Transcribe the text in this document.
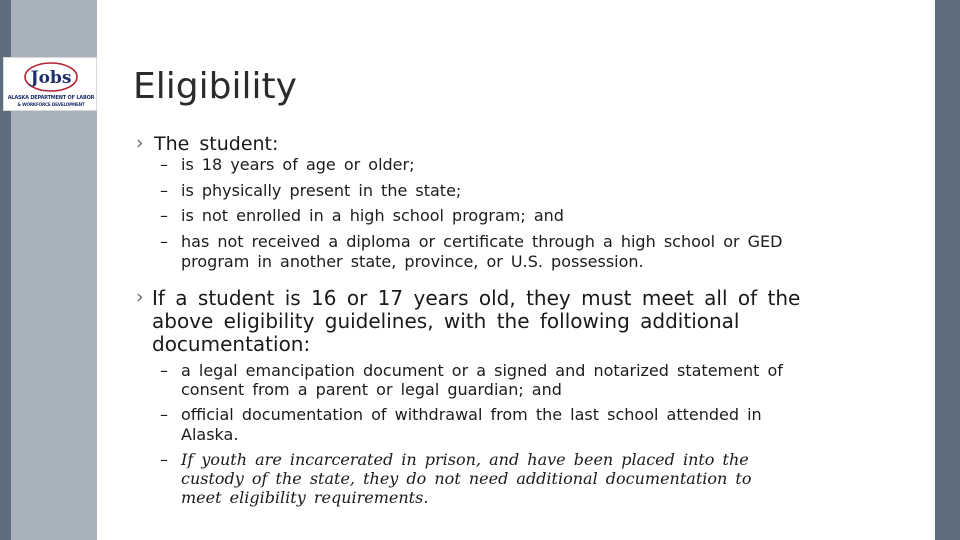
Jobs
ALASKA DEPARTMENT OF LABOR
& WORKFORCE DEVELOPMENT	Eligibility
› The student:
– is 18 years of age or older;
– is physically present in the state;
– is not enrolled in a high school program; and
– has not received a diploma or certificate through a high school or GED
program in another state, province, or U.S. possession.
› If a student is 16 or 17 years old, they must meet all of the
above eligibility guidelines, with the following additional
documentation:
– a legal emancipation document or a signed and notarized statement of
consent from a parent or legal guardian; and
– official documentation of withdrawal from the last school attended in
Alaska.
– If youth are incarcerated in prison, and have been placed into the
custody of the state, they do not need additional documentation to
meet eligibility requirements.
